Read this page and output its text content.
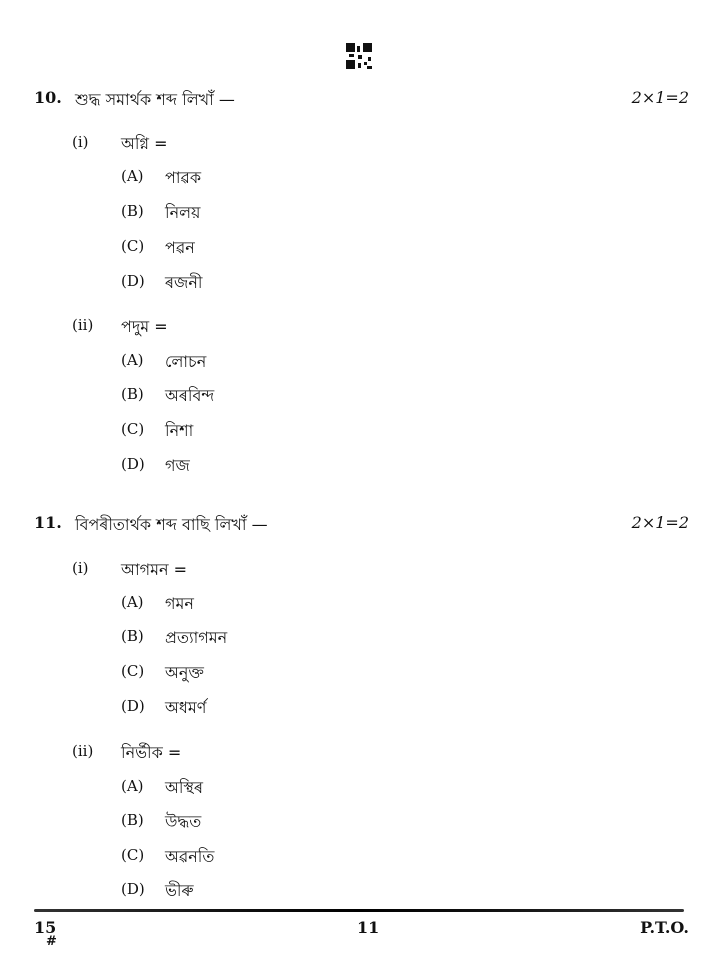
10. শুদ্ধ সমাৰ্থক শব্দ লিখাঁ —	2×1=2
(i) অগ্নি =
(A) পাৱক
(B) নিলয়
(C) পৱন
(D) ৰজনী
(ii) পদুম =
(A) লোচন
(B) অৰবিন্দ
(C) নিশা
(D) গজ
11. বিপৰীতাৰ্থক শব্দ বাছি লিখাঁ —	2×1=2
(i) আগমন =
(A) গমন
(B) প্ৰত্যাগমন
(C) অনুক্ত
(D) অধমৰ্ণ
(ii) নিৰ্ভীক =
(A) অস্থিৰ
(B) উদ্ধত
(C) অৱনতি
(D) ভীৰু
15
#
11	P.T.O.
